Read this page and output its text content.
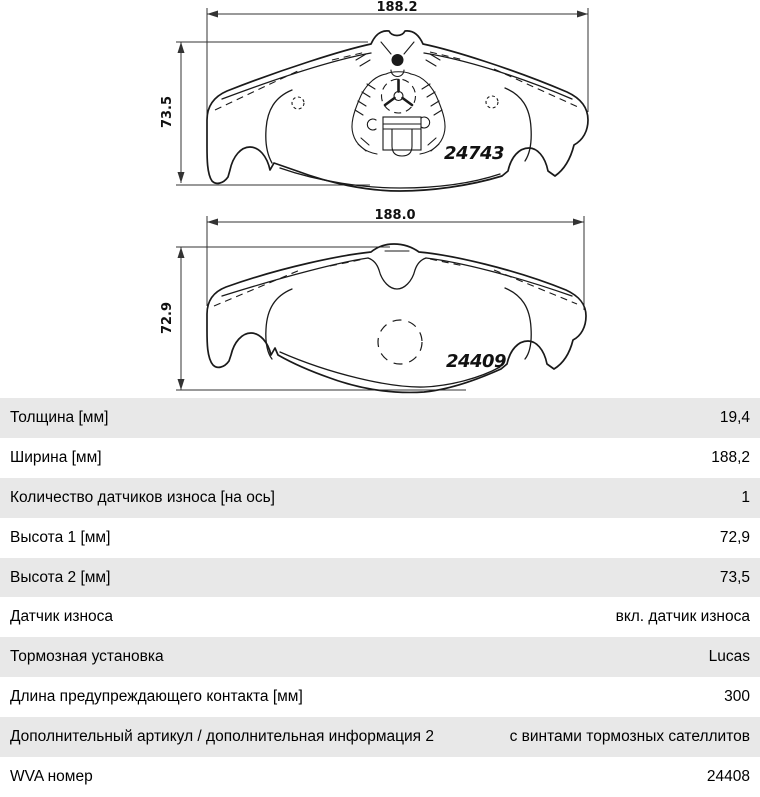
188.2
73.5
24743
188.0
72.9
24409
Толщина [мм]	19,4
Ширина [мм]	188,2
Количество датчиков износа [на ось]	1
Высота 1 [мм]	72,9
Высота 2 [мм]	73,5
Датчик износа	вкл. датчик износа
Тормозная установка	Lucas
Длина предупреждающего контакта [мм]	300
Дополнительный артикул / дополнительная информация 2	с винтами тормозных сателлитов
WVA номер	24408
